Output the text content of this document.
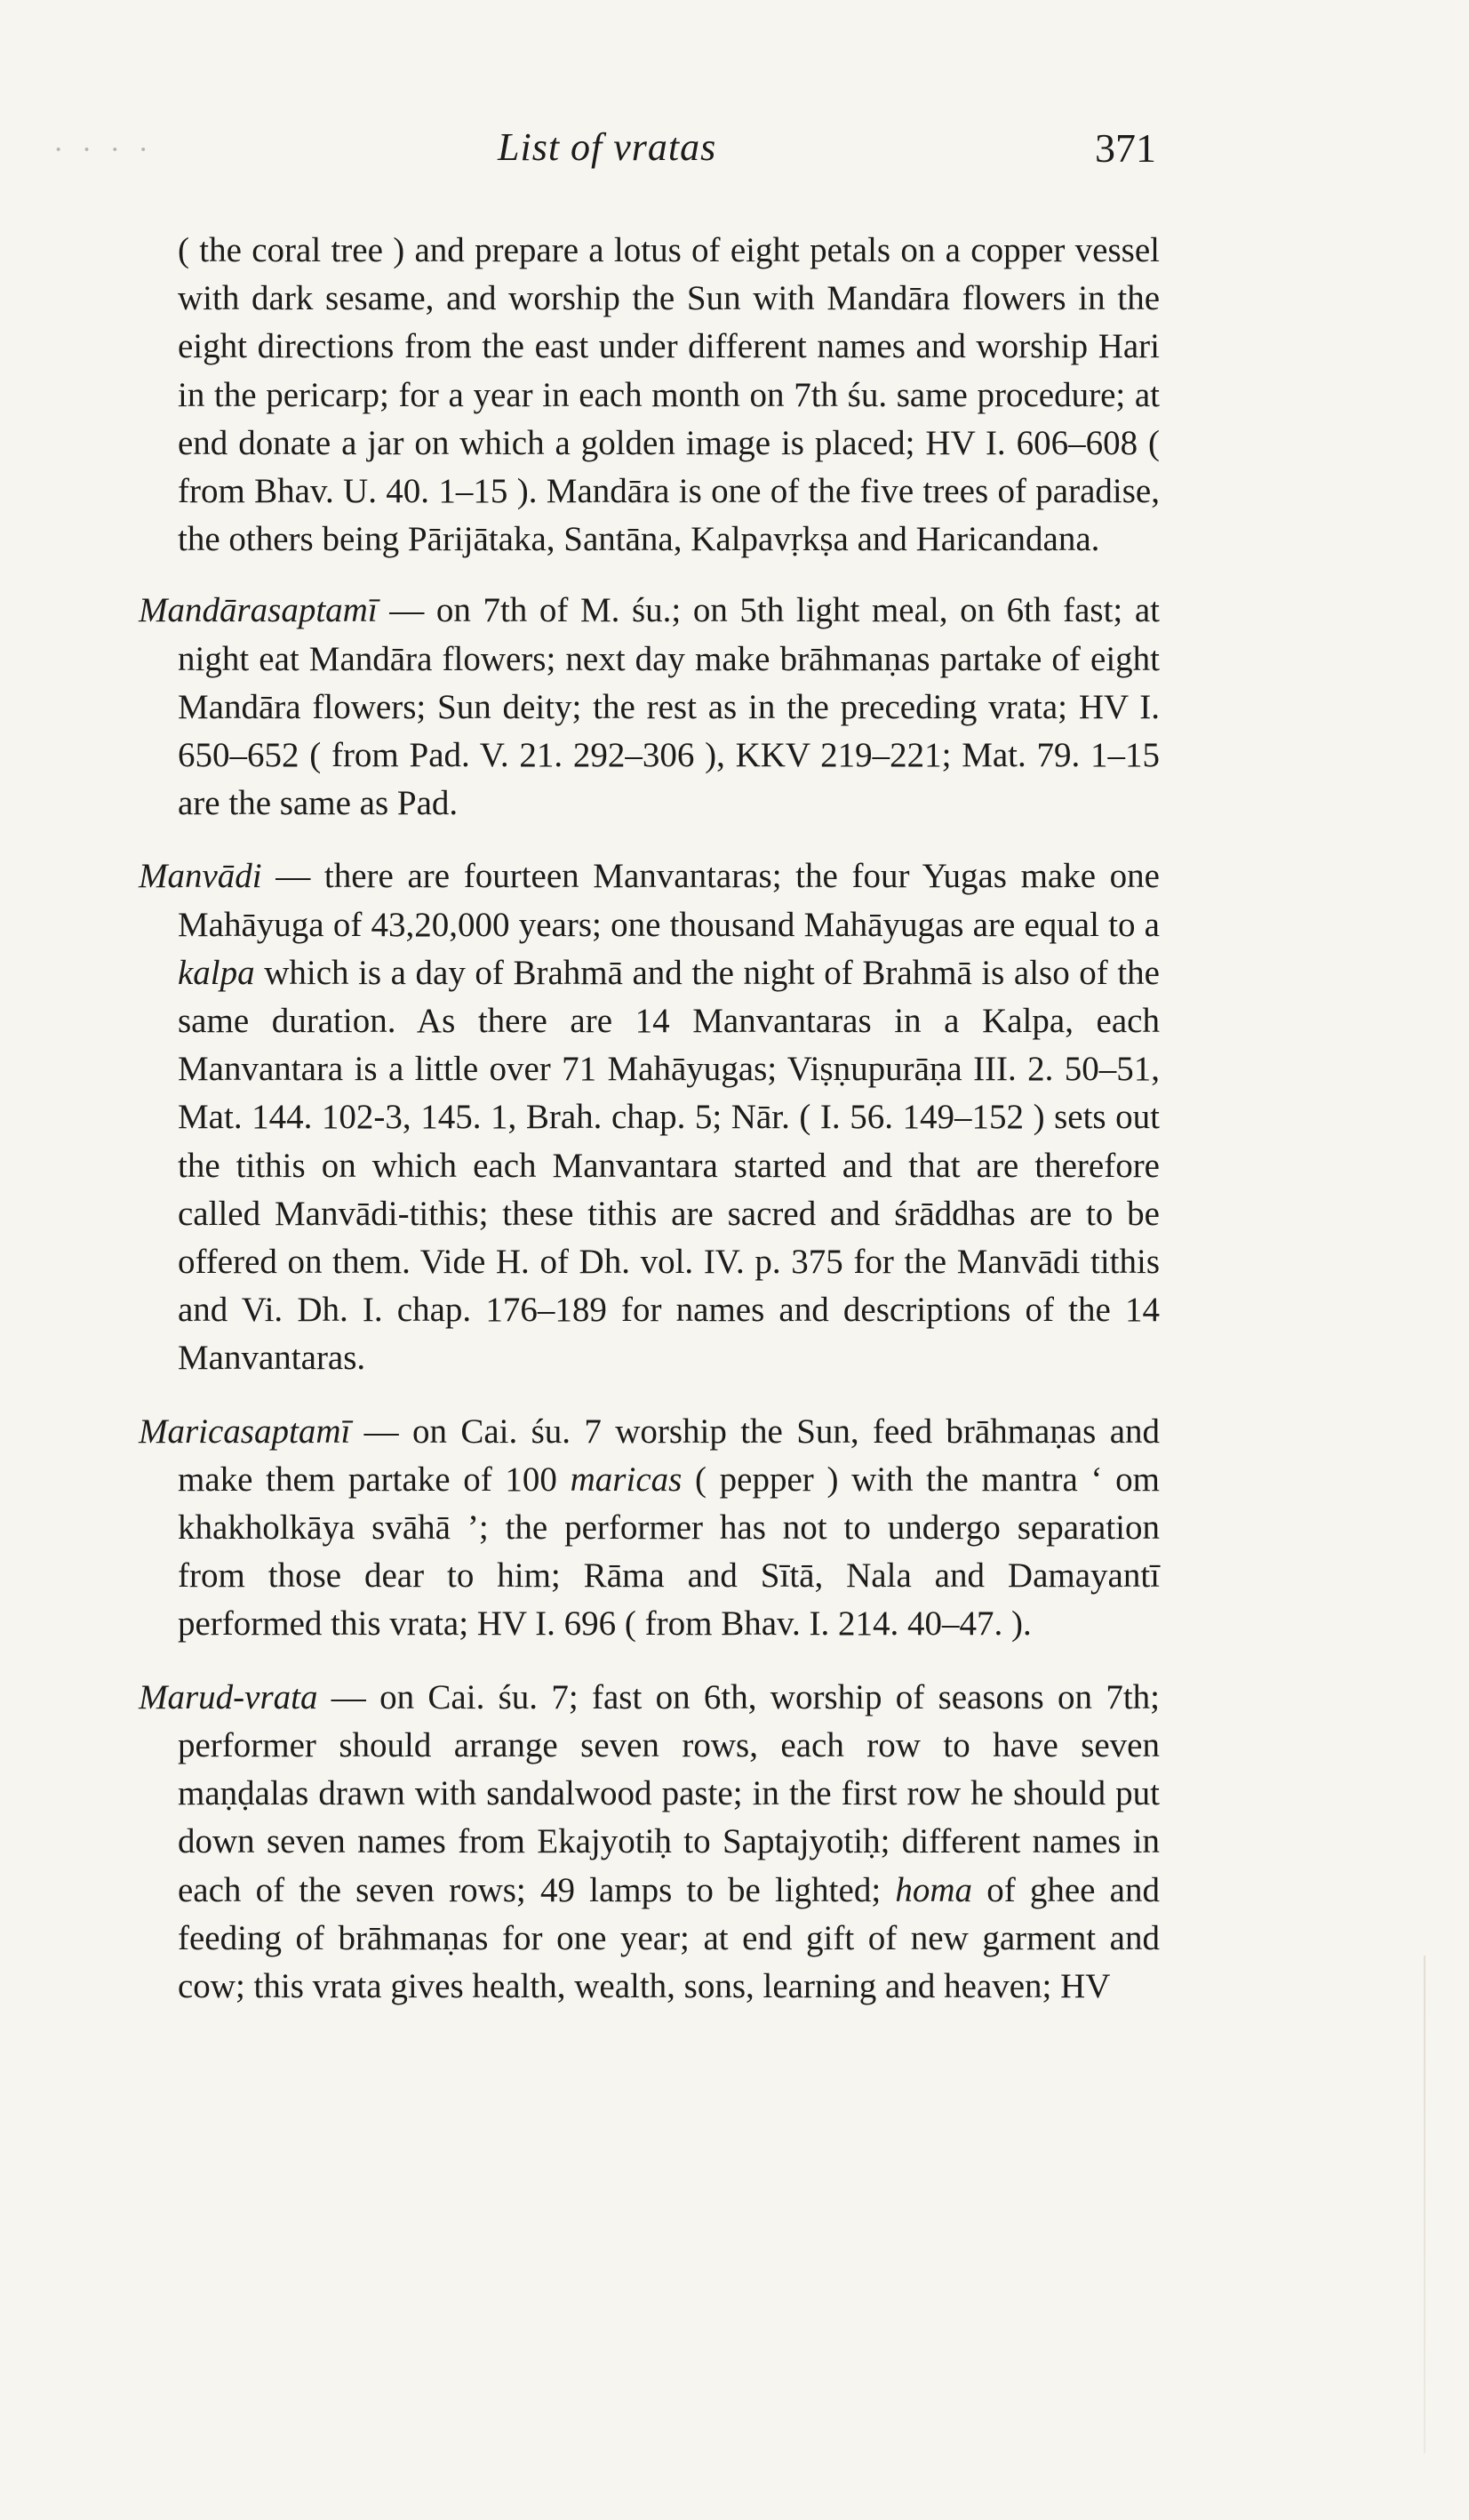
· · · ·	List of vratas	371

( the coral tree ) and prepare a lotus of eight petals on a copper vessel with dark sesame, and worship the Sun with Mandāra flowers in the eight directions from the east under different names and worship Hari in the pericarp; for a year in each month on 7th śu. same procedure; at end donate a jar on which a golden image is placed; HV I. 606–608 ( from Bhav. U. 40. 1–15 ). Mandāra is one of the five trees of paradise, the others being Pārijātaka, Santāna, Kalpavṛkṣa and Haricandana.

Mandārasaptamī — on 7th of M. śu.; on 5th light meal, on 6th fast; at night eat Mandāra flowers; next day make brāhmaṇas partake of eight Mandāra flowers; Sun deity; the rest as in the preceding vrata; HV I. 650–652 ( from Pad. V. 21. 292–306 ), KKV 219–221; Mat. 79. 1–15 are the same as Pad.

Manvādi — there are fourteen Manvantaras; the four Yugas make one Mahāyuga of 43,20,000 years; one thousand Mahāyugas are equal to a kalpa which is a day of Brahmā and the night of Brahmā is also of the same duration. As there are 14 Manvantaras in a Kalpa, each Manvantara is a little over 71 Mahāyugas; Viṣṇupurāṇa III. 2. 50–51, Mat. 144. 102-3, 145. 1, Brah. chap. 5; Nār. ( I. 56. 149–152 ) sets out the tithis on which each Manvantara started and that are therefore called Manvādi-tithis; these tithis are sacred and śrāddhas are to be offered on them. Vide H. of Dh. vol. IV. p. 375 for the Manvādi tithis and Vi. Dh. I. chap. 176–189 for names and descriptions of the 14 Manvantaras.

Maricasaptamī — on Cai. śu. 7 worship the Sun, feed brāhmaṇas and make them partake of 100 maricas ( pepper ) with the mantra ‘ om khakholkāya svāhā ’; the performer has not to undergo separation from those dear to him; Rāma and Sītā, Nala and Damayantī performed this vrata; HV I. 696 ( from Bhav. I. 214. 40–47. ).

Marud-vrata — on Cai. śu. 7; fast on 6th, worship of seasons on 7th; performer should arrange seven rows, each row to have seven maṇḍalas drawn with sandalwood paste; in the first row he should put down seven names from Ekajyotiḥ to Saptajyotiḥ; different names in each of the seven rows; 49 lamps to be lighted; homa of ghee and feeding of brāhmaṇas for one year; at end gift of new garment and cow; this vrata gives health, wealth, sons, learning and heaven; HV
